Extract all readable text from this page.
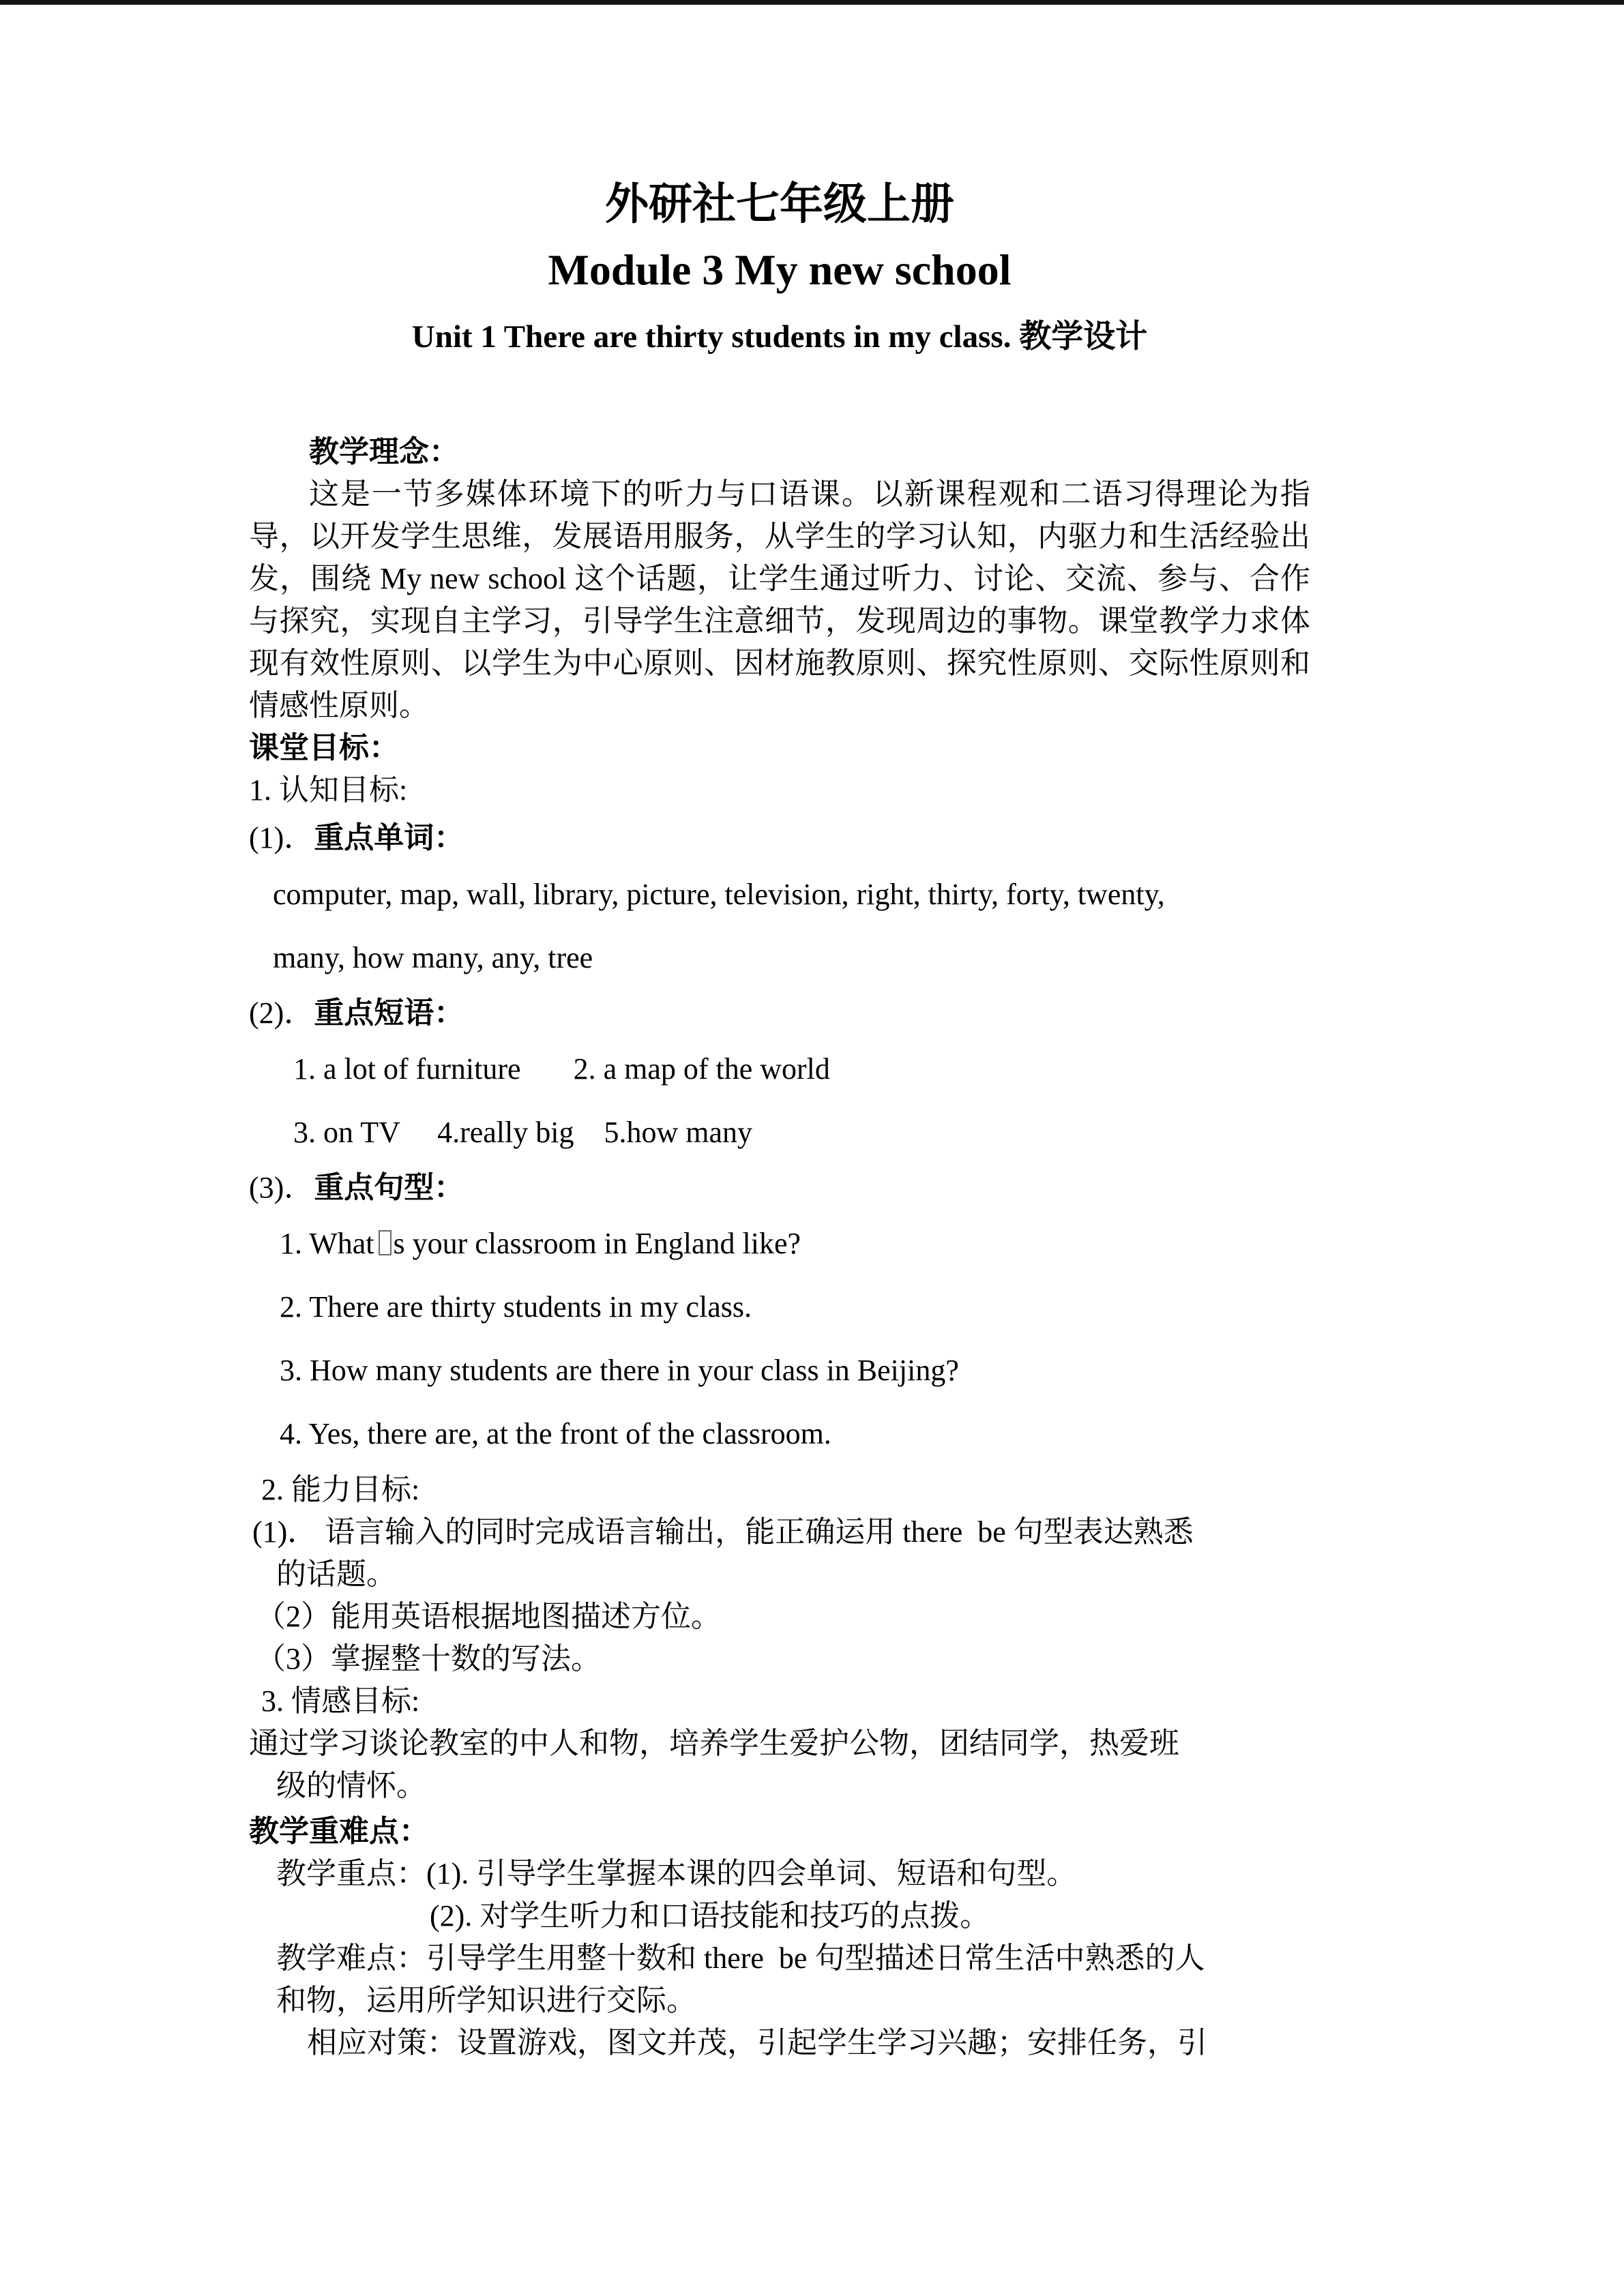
外研社七年级上册
Module 3 My new school
Unit 1 There are thirty students in my class. 教学设计
教学理念：
这是一节多媒体环境下的听力与口语课。以新课程观和二语习得理论为指导，以开发学生思维，发展语用服务，从学生的学习认知，内驱力和生活经验出发，围绕 My new school 这个话题，让学生通过听力、讨论、交流、参与、合作与探究，实现自主学习，引导学生注意细节，发现周边的事物。课堂教学力求体现有效性原则、以学生为中心原则、因材施教原则、探究性原则、交际性原则和情感性原则。
课堂目标：
1. 认知目标:
(1)．重点单词：
computer, map, wall, library, picture, television, right, thirty, forty, twenty,
many, how many, any, tree
(2)．重点短语：
1. a lot of furniture       2. a map of the world
3. on TV     4.really big    5.how many
(3)．重点句型：
1. What s your classroom in England like?
2. There are thirty students in my class.
3. How many students are there in your class in Beijing?
4. Yes, there are, at the front of the classroom.
2. 能力目标:
(1)． 语言输入的同时完成语言输出，能正确运用 there  be 句型表达熟悉
的话题。
（2）能用英语根据地图描述方位。
（3）掌握整十数的写法。
3. 情感目标:
通过学习谈论教室的中人和物，培养学生爱护公物，团结同学，热爱班
级的情怀。
教学重难点：
教学重点：(1). 引导学生掌握本课的四会单词、短语和句型。
(2). 对学生听力和口语技能和技巧的点拨。
教学难点：引导学生用整十数和 there  be 句型描述日常生活中熟悉的人
和物，运用所学知识进行交际。
相应对策：设置游戏，图文并茂，引起学生学习兴趣；安排任务，引
